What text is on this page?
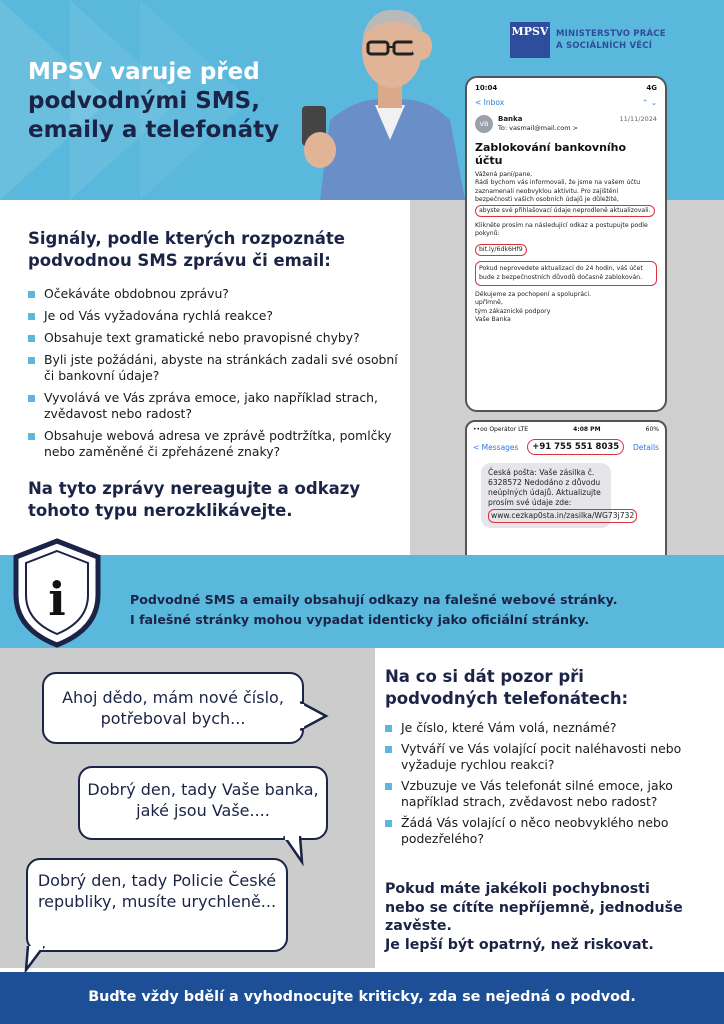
MPSV varuje před
podvodnými SMS,
emaily a telefonáty
MPSV MINISTERSTVO PRÁCE
A SOCIÁLNÍCH VĚCÍ
Signály, podle kterých rozpoznáte podvodnou SMS zprávu či email:
Očekáváte obdobnou zprávu?
Je od Vás vyžadována rychlá reakce?
Obsahuje text gramatické nebo pravopisné chyby?
Byli jste požádáni, abyste na stránkách zadali své osobní či bankovní údaje?
Vyvolává ve Vás zpráva emoce, jako například strach, zvědavost nebo radost?
Obsahuje webová adresa ve zprávě podtržítka, pomlčky nebo zaměněné či zpřeházené znaky?
Na tyto zprávy nereagujte a odkazy tohoto typu nerozklikávejte.
10:04	4G
< Inbox	⌃ ⌄
VB
Banka
To: vasmail@mail.com >
11/11/2024
Zablokování bankovního účtu

Vážená paní/pane,
Rádi bychom vás informovali, že jsme na vašem účtu zaznamenali neobvyklou aktivitu. Pro zajištění bezpečnosti vašich osobních údajů je důležité, abyste své přihlašovací údaje neprodleně aktualizovali.

Klikněte prosím na následující odkaz a postupujte podle pokynů:

bit.ly/6dk6Hf9

Pokud neprovedete aktualizaci do 24 hodin, váš účet bude z bezpečnostních důvodů dočasně zablokován.

Děkujeme za pochopení a spolupráci.
upřímně,
tým zákaznické podpory
Vaše Banka

••oo Operátor LTE	4:08 PM	60%
< Messages	+91 755 551 8035	Details
Česká pošta: Vaše zásilka č. 6328572 Nedodáno z důvodu neúplných údajů. Aktualizujte prosím své údaje zde: www.cezkap0sta.in/zasilka/WG73j732
i	Podvodné SMS a emaily obsahují odkazy na falešné webové stránky.
I falešné stránky mohou vypadat identicky jako oficiální stránky.
Ahoj dědo, mám nové číslo, potřeboval bych...
Dobrý den, tady Vaše banka, jaké jsou Vaše....
Dobrý den, tady Policie České republiky, musíte urychleně...
Na co si dát pozor při podvodných telefonátech:
Je číslo, které Vám volá, neznámé?
Vytváří ve Vás volající pocit naléhavosti nebo vyžaduje rychlou reakci?
Vzbuzuje ve Vás telefonát silné emoce, jako například strach, zvědavost nebo radost?
Žádá Vás volající o něco neobvyklého nebo podezřelého?
Pokud máte jakékoli pochybnosti nebo se cítíte nepříjemně, jednoduše zavěste.
Je lepší být opatrný, než riskovat.
Buďte vždy bdělí a vyhodnocujte kriticky, zda se nejedná o podvod.
